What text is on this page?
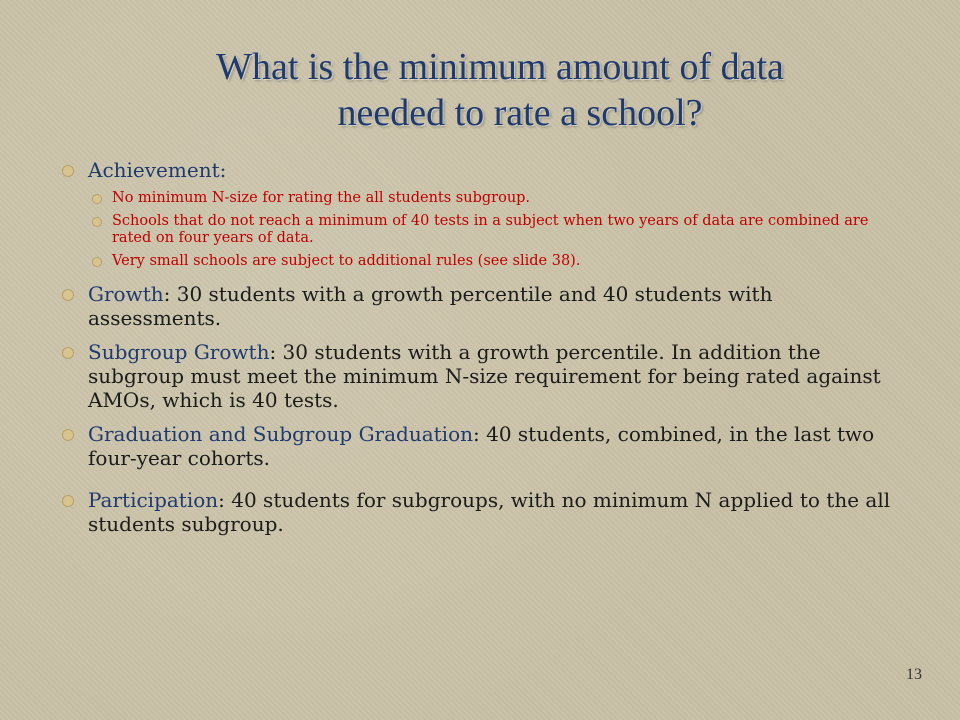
What is the minimum amount of data
needed to rate a school?
Achievement:
No minimum N-size for rating the all students subgroup.
Schools that do not reach a minimum of 40 tests in a subject when two years of data are combined are rated on four years of data.
Very small schools are subject to additional rules (see slide 38).
Growth: 30 students with a growth percentile and 40 students with assessments.
Subgroup Growth: 30 students with a growth percentile. In addition the subgroup must meet the minimum N-size requirement for being rated against AMOs, which is 40 tests.
Graduation and Subgroup Graduation: 40 students, combined, in the last two four-year cohorts.
Participation: 40 students for subgroups, with no minimum N applied to the all students subgroup.
13
